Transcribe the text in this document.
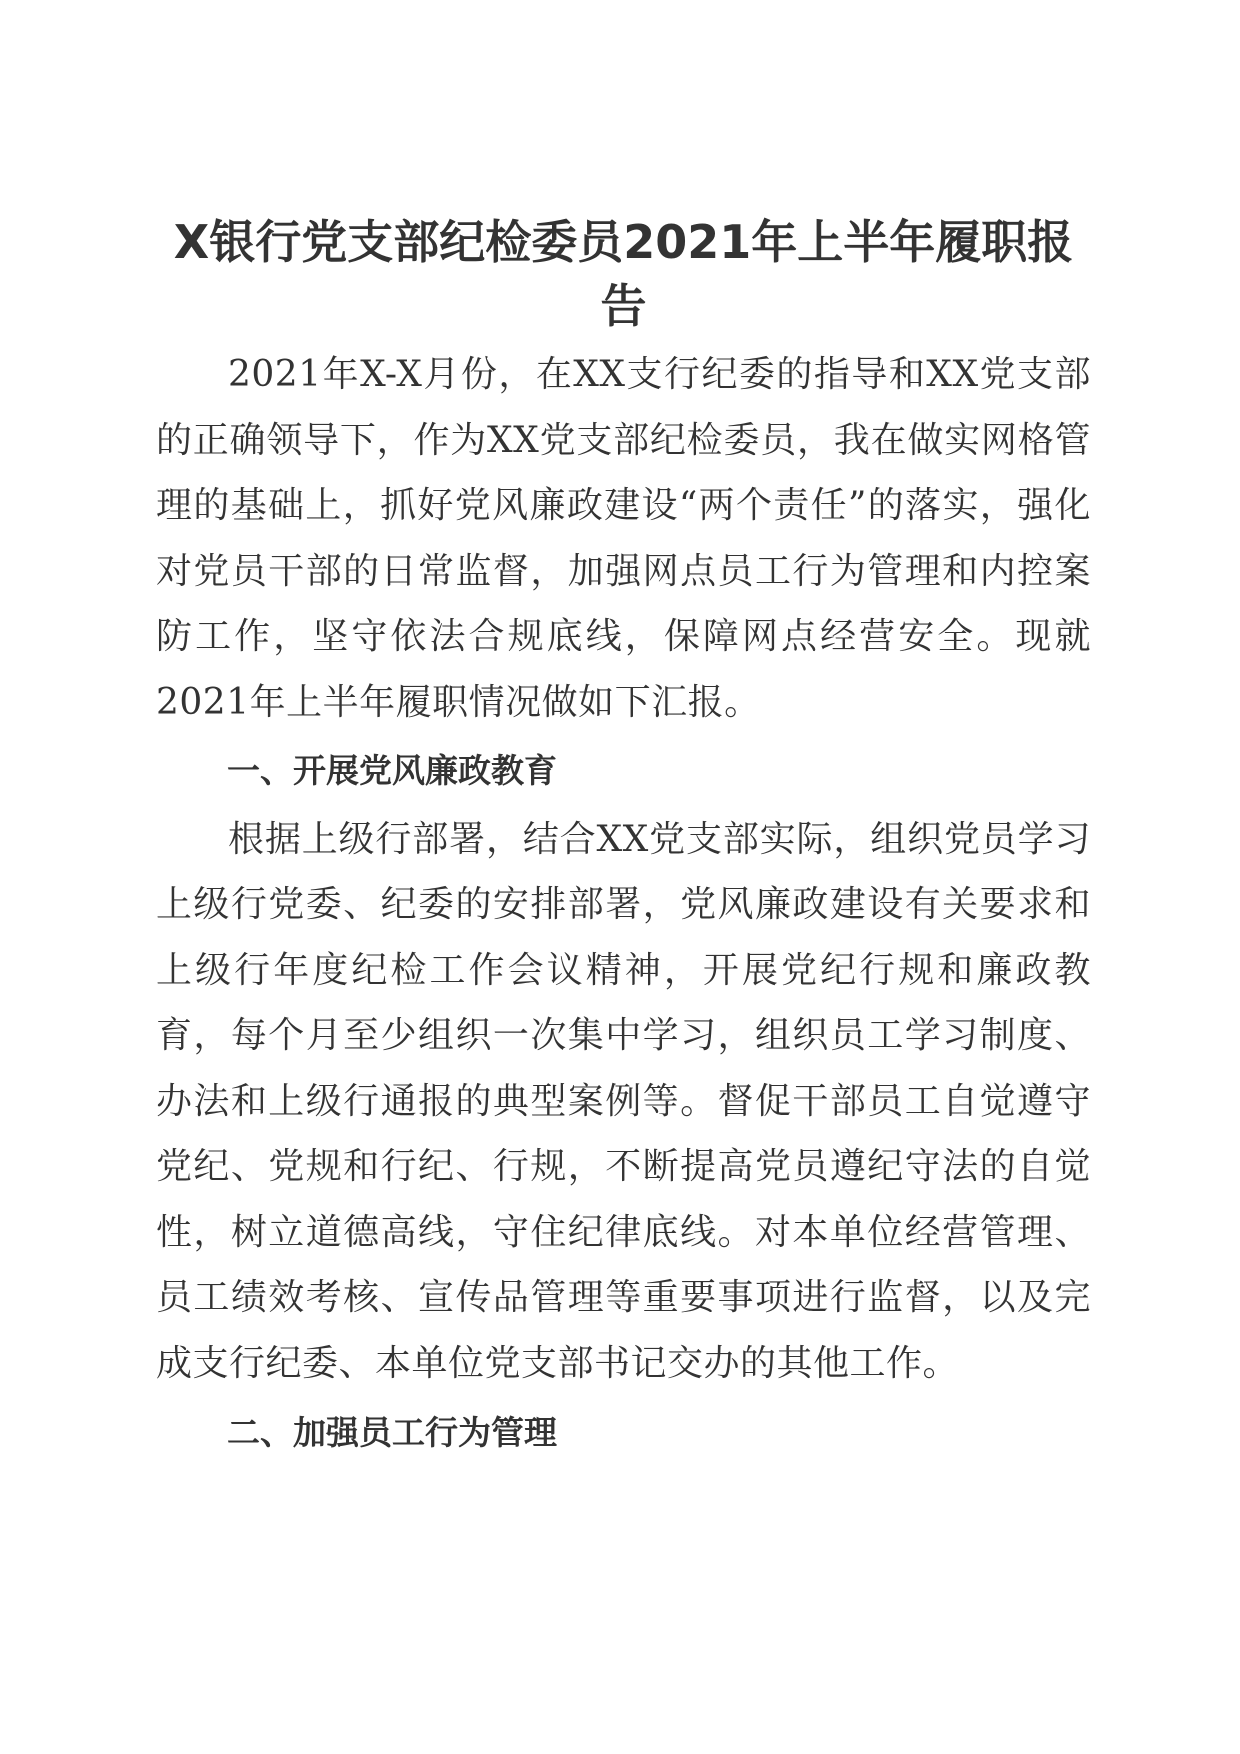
X银行党支部纪检委员2021年上半年履职报告

2021年X-X月份，在XX支行纪委的指导和XX党支部的正确领导下，作为XX党支部纪检委员，我在做实网格管理的基础上，抓好党风廉政建设“两个责任”的落实，强化对党员干部的日常监督，加强网点员工行为管理和内控案防工作，坚守依法合规底线，保障网点经营安全。现就2021年上半年履职情况做如下汇报。

一、开展党风廉政教育

根据上级行部署，结合XX党支部实际，组织党员学习上级行党委、纪委的安排部署，党风廉政建设有关要求和上级行年度纪检工作会议精神，开展党纪行规和廉政教育，每个月至少组织一次集中学习，组织员工学习制度、办法和上级行通报的典型案例等。督促干部员工自觉遵守党纪、党规和行纪、行规，不断提高党员遵纪守法的自觉性，树立道德高线，守住纪律底线。对本单位经营管理、员工绩效考核、宣传品管理等重要事项进行监督，以及完成支行纪委、本单位党支部书记交办的其他工作。

二、加强员工行为管理
